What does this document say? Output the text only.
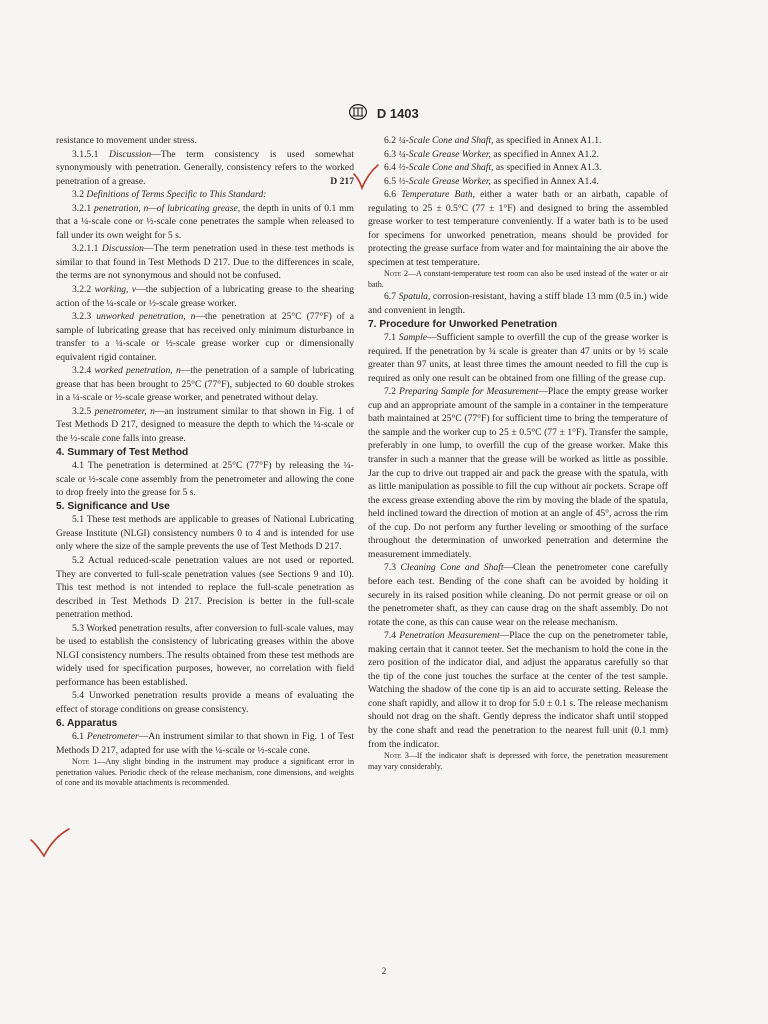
D 1403

resistance to movement under stress.

3.1.5.1 Discussion—The term consistency is used somewhat synonymously with penetration. Generally, consistency refers to the worked penetration of a grease.	D 217

3.2 Definitions of Terms Specific to This Standard:

3.2.1 penetration, n—of lubricating grease, the depth in units of 0.1 mm that a ¼-scale cone or ½-scale cone penetrates the sample when released to fall under its own weight for 5 s.

3.2.1.1 Discussion—The term penetration used in these test methods is similar to that found in Test Methods D 217. Due to the differences in scale, the terms are not synonymous and should not be confused.

3.2.2 working, v—the subjection of a lubricating grease to the shearing action of the ¼-scale or ½-scale grease worker.

3.2.3 unworked penetration, n—the penetration at 25°C (77°F) of a sample of lubricating grease that has received only minimum disturbance in transfer to a ¼-scale or ½-scale grease worker cup or dimensionally equivalent rigid container.

3.2.4 worked penetration, n—the penetration of a sample of lubricating grease that has been brought to 25°C (77°F), subjected to 60 double strokes in a ¼-scale or ½-scale grease worker, and penetrated without delay.

3.2.5 penetrometer, n—an instrument similar to that shown in Fig. 1 of Test Methods D 217, designed to measure the depth to which the ¼-scale or the ½-scale cone falls into grease.

4. Summary of Test Method

4.1 The penetration is determined at 25°C (77°F) by releasing the ¼-scale or ½-scale cone assembly from the penetrometer and allowing the cone to drop freely into the grease for 5 s.

5. Significance and Use

5.1 These test methods are applicable to greases of National Lubricating Grease Institute (NLGI) consistency numbers 0 to 4 and is intended for use only where the size of the sample prevents the use of Test Methods D 217.

5.2 Actual reduced-scale penetration values are not used or reported. They are converted to full-scale penetration values (see Sections 9 and 10). This test method is not intended to replace the full-scale penetration as described in Test Methods D 217. Precision is better in the full-scale penetration method.

5.3 Worked penetration results, after conversion to full-scale values, may be used to establish the consistency of lubricating greases within the above NLGI consistency numbers. The results obtained from these test methods are widely used for specification purposes, however, no correlation with field performance has been established.

5.4 Unworked penetration results provide a means of evaluating the effect of storage conditions on grease consistency.

6. Apparatus

6.1 Penetrometer—An instrument similar to that shown in Fig. 1 of Test Methods D 217, adapted for use with the ¼-scale or ½-scale cone.

Note 1—Any slight binding in the instrument may produce a significant error in penetration values. Periodic check of the release mechanism, cone dimensions, and weights of cone and its movable attachments is recommended.

6.2 ¼-Scale Cone and Shaft, as specified in Annex A1.1.

6.3 ¼-Scale Grease Worker, as specified in Annex A1.2.

6.4 ½-Scale Cone and Shaft, as specified in Annex A1.3.

6.5 ½-Scale Grease Worker, as specified in Annex A1.4.

6.6 Temperature Bath, either a water bath or an airbath, capable of regulating to 25 ± 0.5°C (77 ± 1°F) and designed to bring the assembled grease worker to test temperature conveniently. If a water bath is to be used for specimens for unworked penetration, means should be provided for protecting the grease surface from water and for maintaining the air above the specimen at test temperature.

Note 2—A constant-temperature test room can also be used instead of the water or air bath.

6.7 Spatula, corrosion-resistant, having a stiff blade 13 mm (0.5 in.) wide and convenient in length.

7. Procedure for Unworked Penetration

7.1 Sample—Sufficient sample to overfill the cup of the grease worker is required. If the penetration by ¼ scale is greater than 47 units or by ½ scale greater than 97 units, at least three times the amount needed to fill the cup is required as only one result can be obtained from one filling of the grease cup.

7.2 Preparing Sample for Measurement—Place the empty grease worker cup and an appropriate amount of the sample in a container in the temperature bath maintained at 25°C (77°F) for sufficient time to bring the temperature of the sample and the worker cup to 25 ± 0.5°C (77 ± 1°F). Transfer the sample, preferably in one lump, to overfill the cup of the grease worker. Make this transfer in such a manner that the grease will be worked as little as possible. Jar the cup to drive out trapped air and pack the grease with the spatula, with as little manipulation as possible to fill the cup without air pockets. Scrape off the excess grease extending above the rim by moving the blade of the spatula, held inclined toward the direction of motion at an angle of 45°, across the rim of the cup. Do not perform any further leveling or smoothing of the surface throughout the determination of unworked penetration and determine the measurement immediately.

7.3 Cleaning Cone and Shaft—Clean the penetrometer cone carefully before each test. Bending of the cone shaft can be avoided by holding it securely in its raised position while cleaning. Do not permit grease or oil on the penetrometer shaft, as they can cause drag on the shaft assembly. Do not rotate the cone, as this can cause wear on the release mechanism.

7.4 Penetration Measurement—Place the cup on the penetrometer table, making certain that it cannot teeter. Set the mechanism to hold the cone in the zero position of the indicator dial, and adjust the apparatus carefully so that the tip of the cone just touches the surface at the center of the test sample. Watching the shadow of the cone tip is an aid to accurate setting. Release the cone shaft rapidly, and allow it to drop for 5.0 ± 0.1 s. The release mechanism should not drag on the shaft. Gently depress the indicator shaft until stopped by the cone shaft and read the penetration to the nearest full unit (0.1 mm) from the indicator.

Note 3—If the indicator shaft is depressed with force, the penetration measurement may vary considerably.

2
